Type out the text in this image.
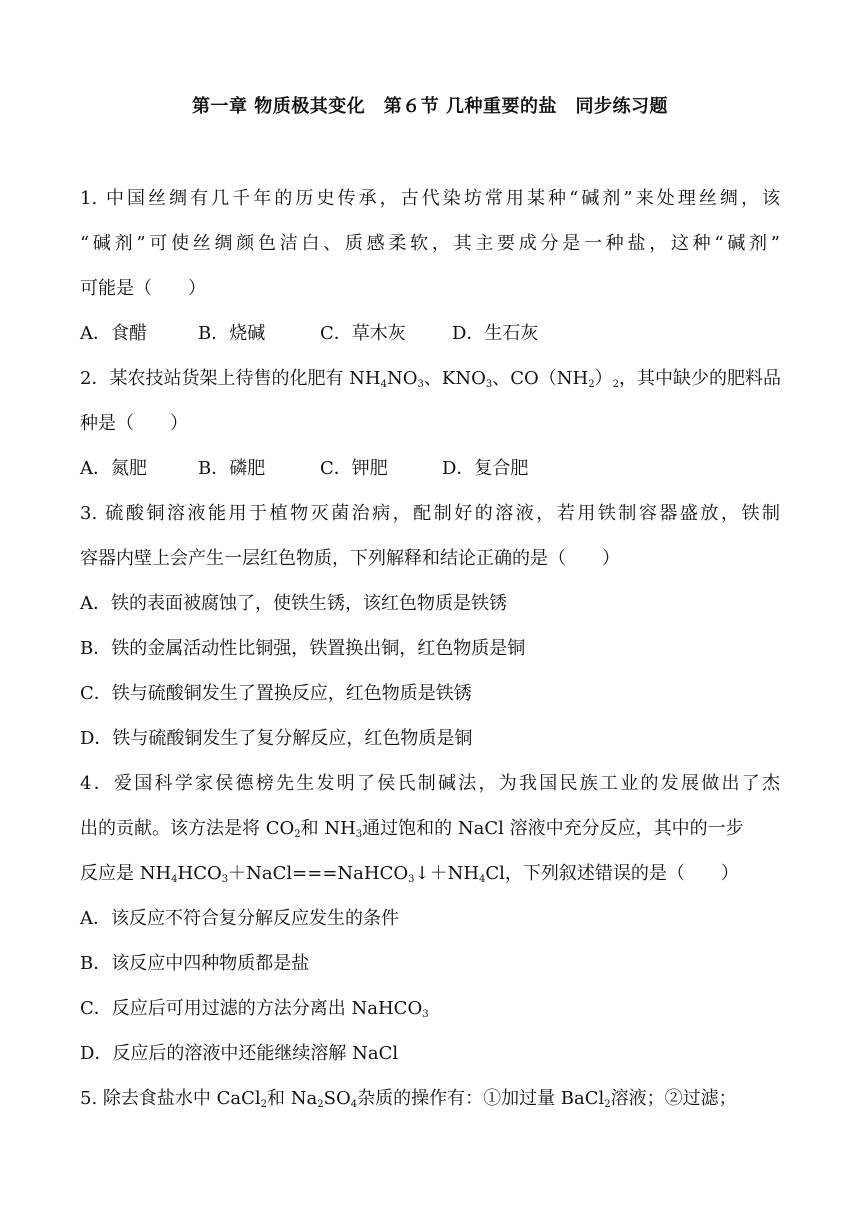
第一章 物质极其变化　第６节 几种重要的盐　同步练习题
1. 中国丝绸有几千年的历史传承，古代染坊常用某种“碱剂”来处理丝绸，该
“碱剂”可使丝绸颜色洁白、质感柔软，其主要成分是一种盐，这种“碱剂”
可能是（　　）
A．食醋	B．烧碱	C．草木灰	D．生石灰
2．某农技站货架上待售的化肥有 $NH_4NO_3$、$KNO_3$、$CO(NH_2)_2$，其中缺少的肥料品
种是（　　）
A．氮肥	B．磷肥	C．钾肥	D．复合肥
3. 硫酸铜溶液能用于植物灭菌治病，配制好的溶液，若用铁制容器盛放，铁制
容器内壁上会产生一层红色物质，下列解释和结论正确的是（　　）
A．铁的表面被腐蚀了，使铁生锈，该红色物质是铁锈
B．铁的金属活动性比铜强，铁置换出铜，红色物质是铜
C．铁与硫酸铜发生了置换反应，红色物质是铁锈
D．铁与硫酸铜发生了复分解反应，红色物质是铜
4．爱国科学家侯德榜先生发明了侯氏制碱法，为我国民族工业的发展做出了杰
出的贡献。该方法是将 $CO_2$和 $NH_3$通过饱和的 NaCl 溶液中充分反应，其中的一步
反应是 $NH_4HCO_3+NaCl===NaHCO_3↓+NH_4Cl$，下列叙述错误的是（　　）
A．该反应不符合复分解反应发生的条件
B．该反应中四种物质都是盐
C．反应后可用过滤的方法分离出 NaHCO$_3$
D．反应后的溶液中还能继续溶解 NaCl
5. 除去食盐水中 CaCl$_2$和 $Na_2SO_4$杂质的操作有：①加过量 BaCl$_2$溶液；②过滤；
